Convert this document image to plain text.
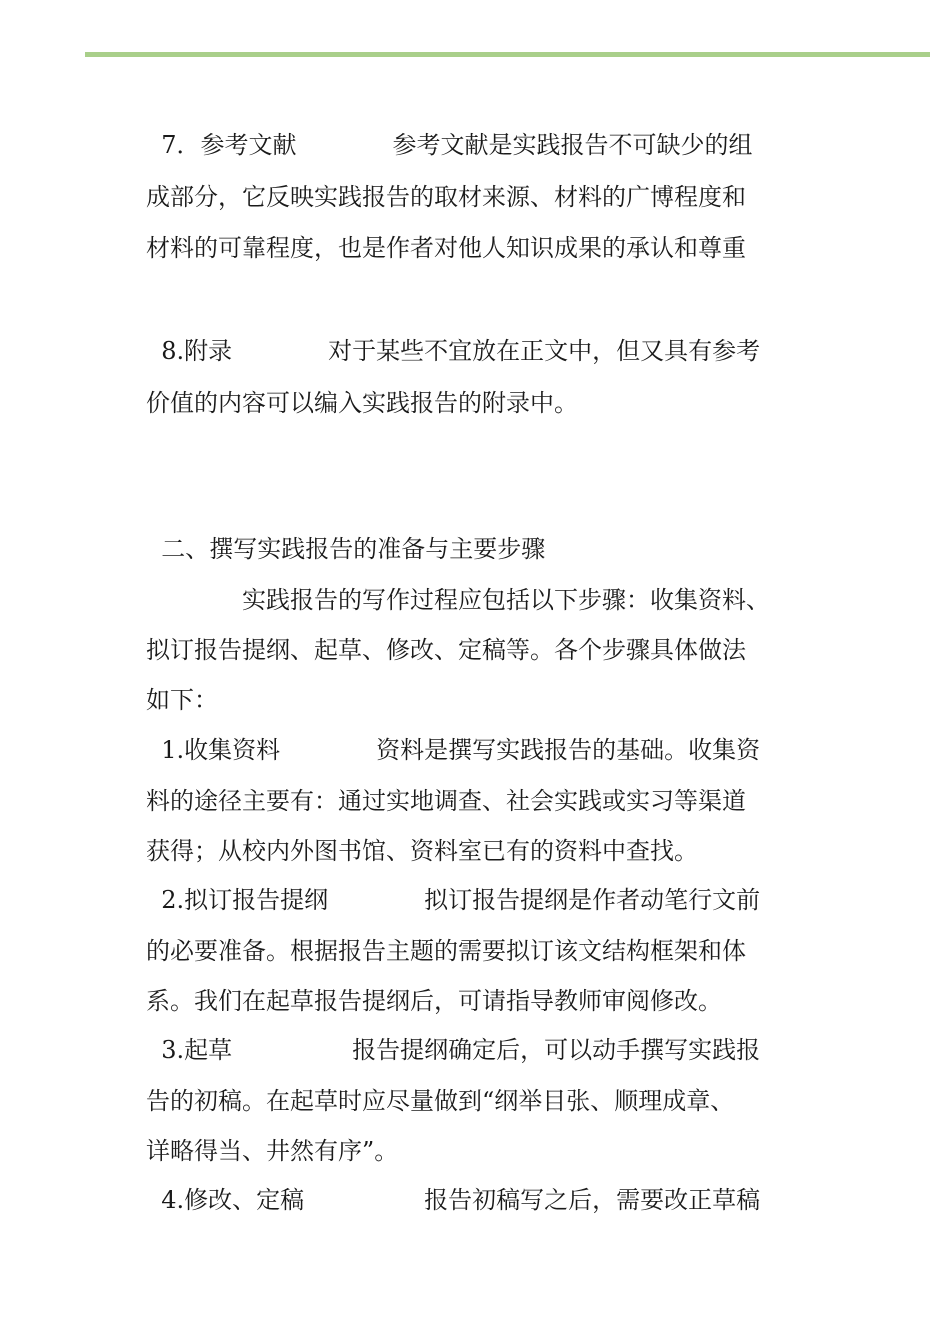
7．参考文献　　　　参考文献是实践报告不可缺少的组
成部分，它反映实践报告的取材来源、材料的广博程度和
材料的可靠程度，也是作者对他人知识成果的承认和尊重
8.附录　　　　对于某些不宜放在正文中，但又具有参考
价值的内容可以编入实践报告的附录中。
二、撰写实践报告的准备与主要步骤
　　　　实践报告的写作过程应包括以下步骤：收集资料、
拟订报告提纲、起草、修改、定稿等。各个步骤具体做法
如下：
1.收集资料　　　　资料是撰写实践报告的基础。收集资
料的途径主要有：通过实地调查、社会实践或实习等渠道
获得；从校内外图书馆、资料室已有的资料中查找。
2.拟订报告提纲　　　　拟订报告提纲是作者动笔行文前
的必要准备。根据报告主题的需要拟订该文结构框架和体
系。我们在起草报告提纲后，可请指导教师审阅修改。
3.起草　　　　　报告提纲确定后，可以动手撰写实践报
告的初稿。在起草时应尽量做到“纲举目张、顺理成章、
详略得当、井然有序”。
4.修改、定稿　　　　　报告初稿写之后，需要改正草稿
